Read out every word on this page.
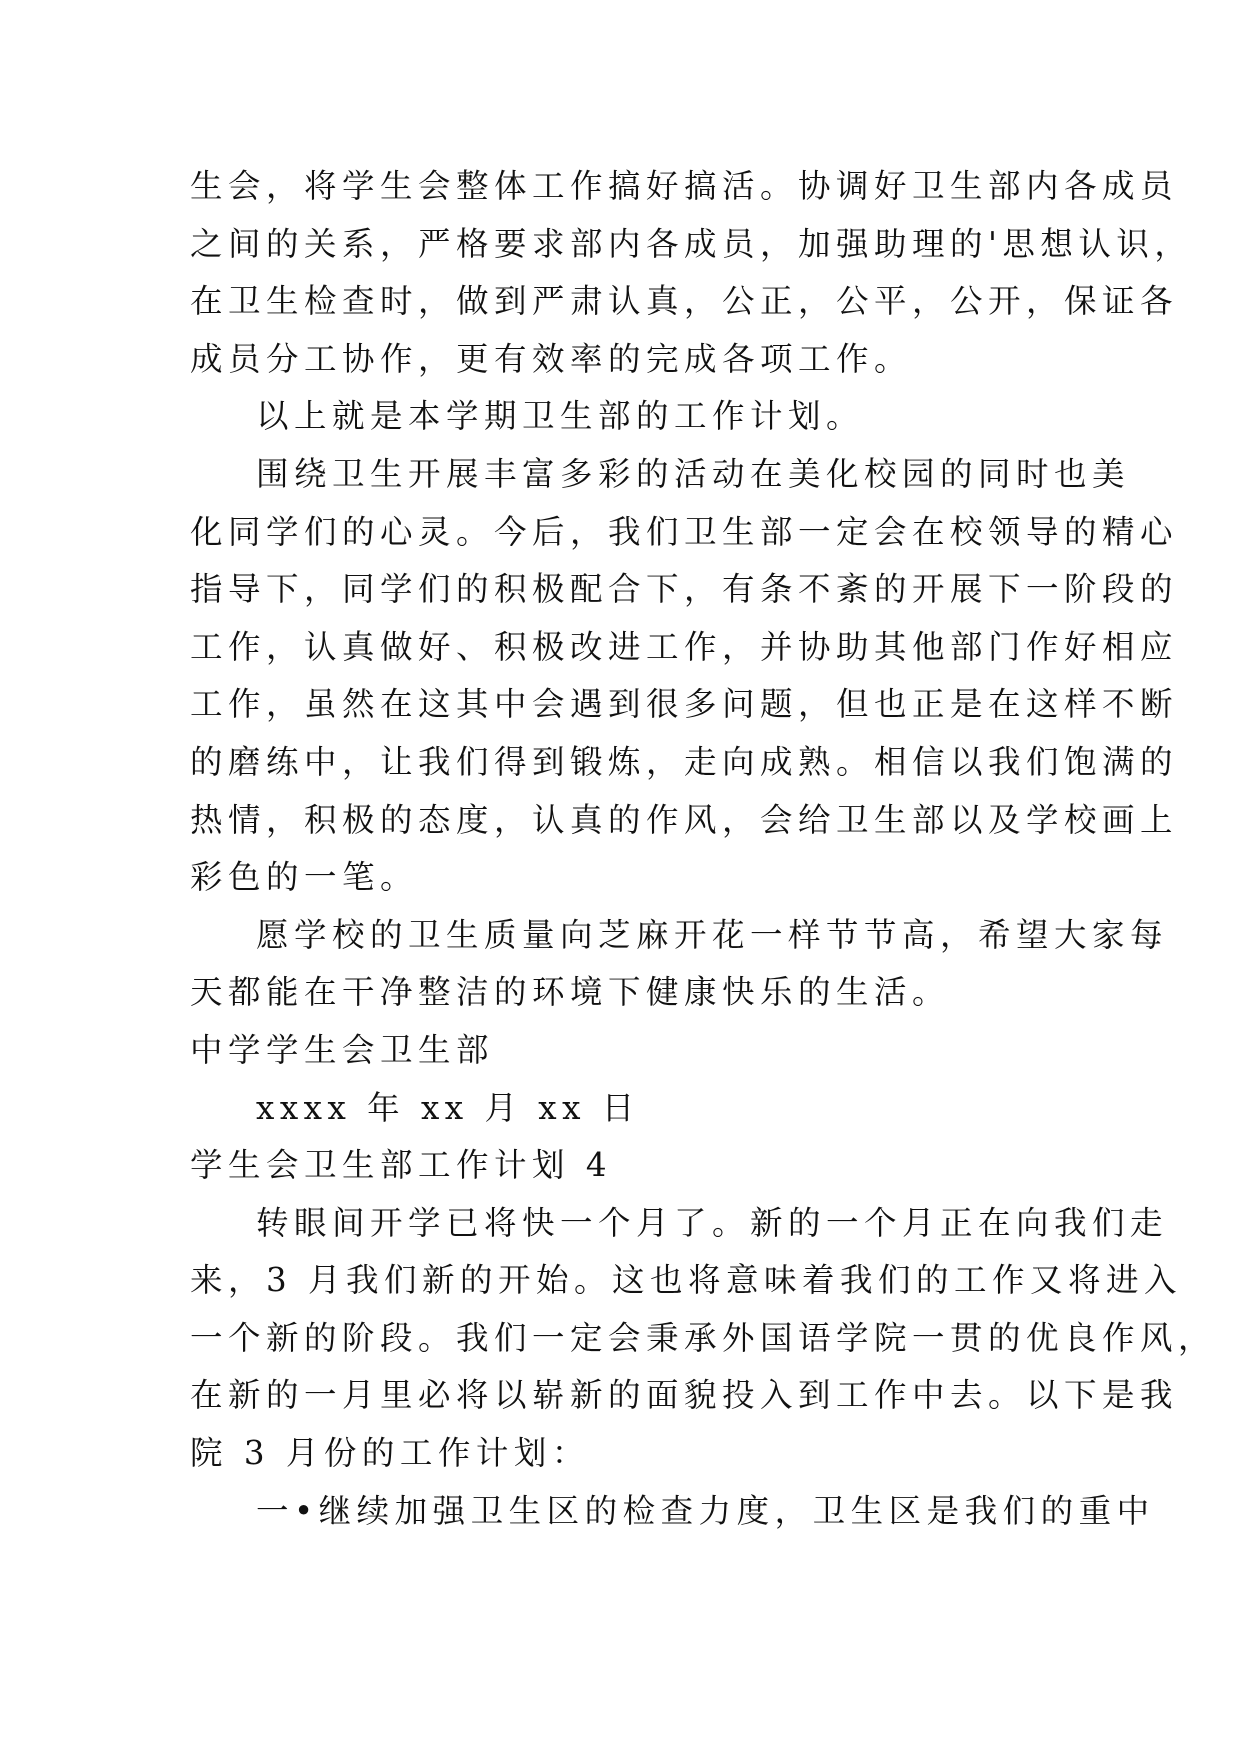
生会，将学生会整体工作搞好搞活。协调好卫生部内各成员
之间的关系，严格要求部内各成员，加强助理的'思想认识，
在卫生检查时，做到严肃认真，公正，公平，公开，保证各
成员分工协作，更有效率的完成各项工作。
以上就是本学期卫生部的工作计划。
围绕卫生开展丰富多彩的活动在美化校园的同时也美
化同学们的心灵。今后，我们卫生部一定会在校领导的精心
指导下，同学们的积极配合下，有条不紊的开展下一阶段的
工作，认真做好、积极改进工作，并协助其他部门作好相应
工作，虽然在这其中会遇到很多问题，但也正是在这样不断
的磨练中，让我们得到锻炼，走向成熟。相信以我们饱满的
热情，积极的态度，认真的作风，会给卫生部以及学校画上
彩色的一笔。
愿学校的卫生质量向芝麻开花一样节节高，希望大家每
天都能在干净整洁的环境下健康快乐的生活。
中学学生会卫生部
xxxx 年 xx 月 xx 日
学生会卫生部工作计划 4
转眼间开学已将快一个月了。新的一个月正在向我们走
来，3 月我们新的开始。这也将意味着我们的工作又将进入
一个新的阶段。我们一定会秉承外国语学院一贯的优良作风，
在新的一月里必将以崭新的面貌投入到工作中去。以下是我
院 3 月份的工作计划：
一•继续加强卫生区的检查力度，卫生区是我们的重中
